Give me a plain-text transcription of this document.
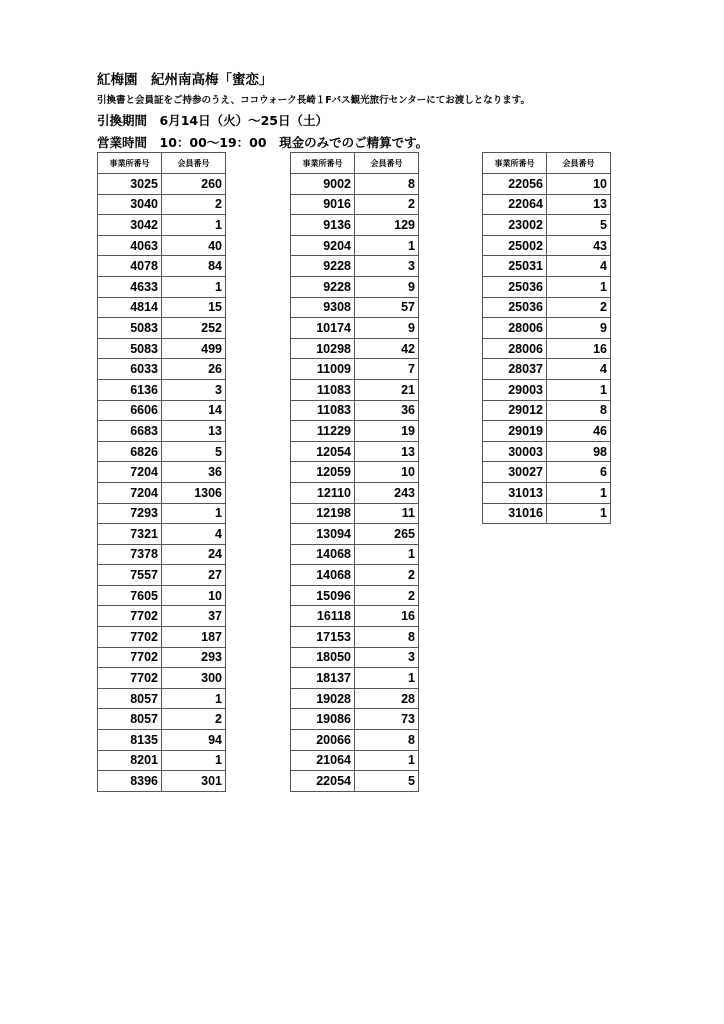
紅梅園　紀州南高梅「蜜恋」
引換書と会員証をご持参のうえ、ココウォーク長崎１Fバス観光旅行センターにてお渡しとなります。
引換期間　6月14日（火）～25日（土）
営業時間　10：00～19：00　現金のみでのご精算です。
事業所番号	会員番号
3025	260
3040	2
3042	1
4063	40
4078	84
4633	1
4814	15
5083	252
5083	499
6033	26
6136	3
6606	14
6683	13
6826	5
7204	36
7204	1306
7293	1
7321	4
7378	24
7557	27
7605	10
7702	37
7702	187
7702	293
7702	300
8057	1
8057	2
8135	94
8201	1
8396	301
事業所番号	会員番号
9002	8
9016	2
9136	129
9204	1
9228	3
9228	9
9308	57
10174	9
10298	42
11009	7
11083	21
11083	36
11229	19
12054	13
12059	10
12110	243
12198	11
13094	265
14068	1
14068	2
15096	2
16118	16
17153	8
18050	3
18137	1
19028	28
19086	73
20066	8
21064	1
22054	5
事業所番号	会員番号
22056	10
22064	13
23002	5
25002	43
25031	4
25036	1
25036	2
28006	9
28006	16
28037	4
29003	1
29012	8
29019	46
30003	98
30027	6
31013	1
31016	1
